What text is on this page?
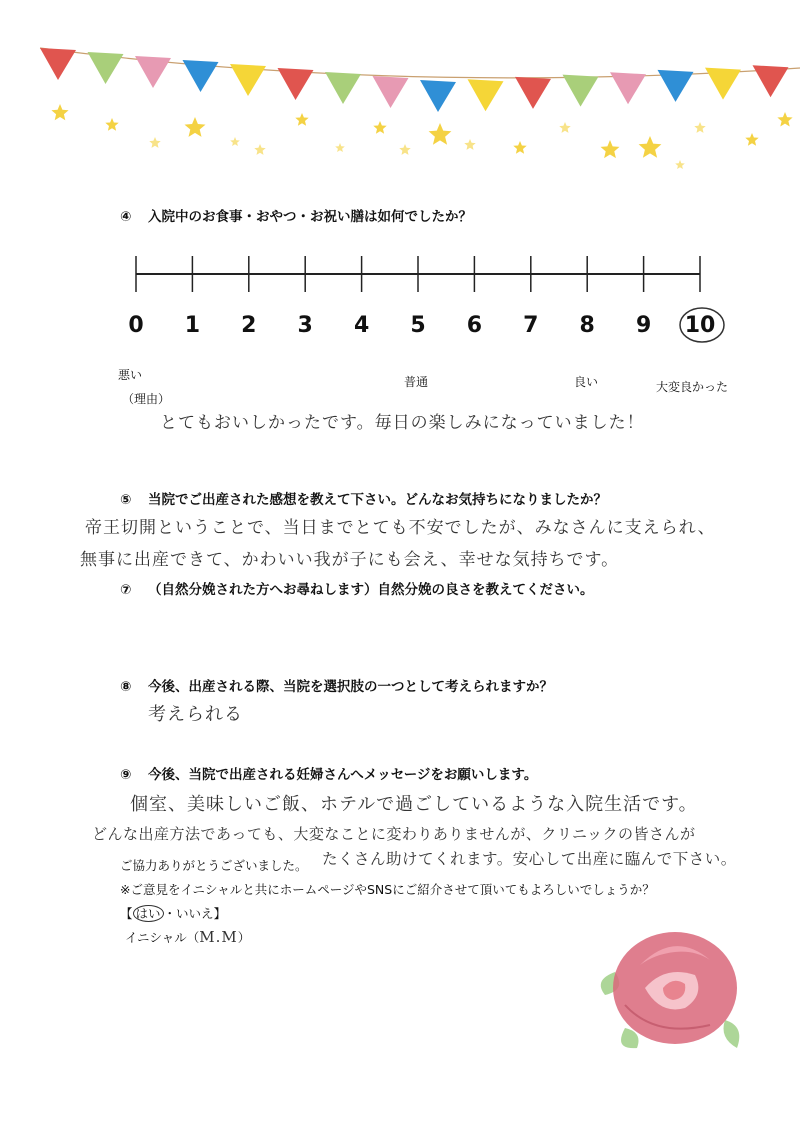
④ 入院中のお食事・おやつ・お祝い膳は如何でしたか？
0 1 2 3 4 5 6 7 8 9 10
悪い	普通	良い	大変良かった
（理由）
とてもおいしかったです。毎日の楽しみになっていました！
⑤ 当院でご出産された感想を教えて下さい。どんなお気持ちになりましたか？
帝王切開ということで、当日までとても不安でしたが、みなさんに支えられ、
無事に出産できて、かわいい我が子にも会え、幸せな気持ちです。
⑦ （自然分娩された方へお尋ねします）自然分娩の良さを教えてください。
⑧ 今後、出産される際、当院を選択肢の一つとして考えられますか？
考えられる
⑨ 今後、当院で出産される妊婦さんへメッセージをお願いします。
個室、美味しいご飯、ホテルで過ごしているような入院生活です。
どんな出産方法であっても、大変なことに変わりありませんが、クリニックの皆さんが
ご協力ありがとうございました。 たくさん助けてくれます。安心して出産に臨んで下さい。
※ご意見をイニシャルと共にホームページやSNSにご紹介させて頂いてもよろしいでしょうか？
【 はい ・いいえ】
イニシャル（M.M）
